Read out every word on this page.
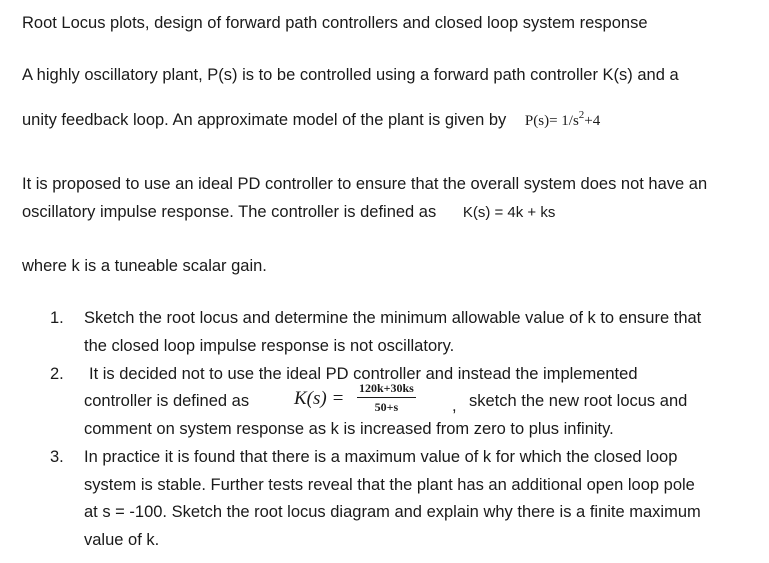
Root Locus plots, design of forward path controllers and closed loop system response
A highly oscillatory plant, P(s) is to be controlled using a forward path controller K(s) and a
unity feedback loop. An approximate model of the plant is given by $P(s)= 1/s^2+4$
It is proposed to use an ideal PD controller to ensure that the overall system does not have an
oscillatory impulse response. The controller is defined as K(s) = 4k + ks
where k is a tuneable scalar gain.
1. Sketch the root locus and determine the minimum allowable value of k to ensure that
the closed loop impulse response is not oscillatory.
2. It is decided not to use the ideal PD controller and instead the implemented
controller is defined as $K(s) = \frac{120k+30ks}{50+s}$ , sketch the new root locus and
comment on system response as k is increased from zero to plus infinity.
3. In practice it is found that there is a maximum value of k for which the closed loop
system is stable. Further tests reveal that the plant has an additional open loop pole
at s = -100. Sketch the root locus diagram and explain why there is a finite maximum
value of k.
